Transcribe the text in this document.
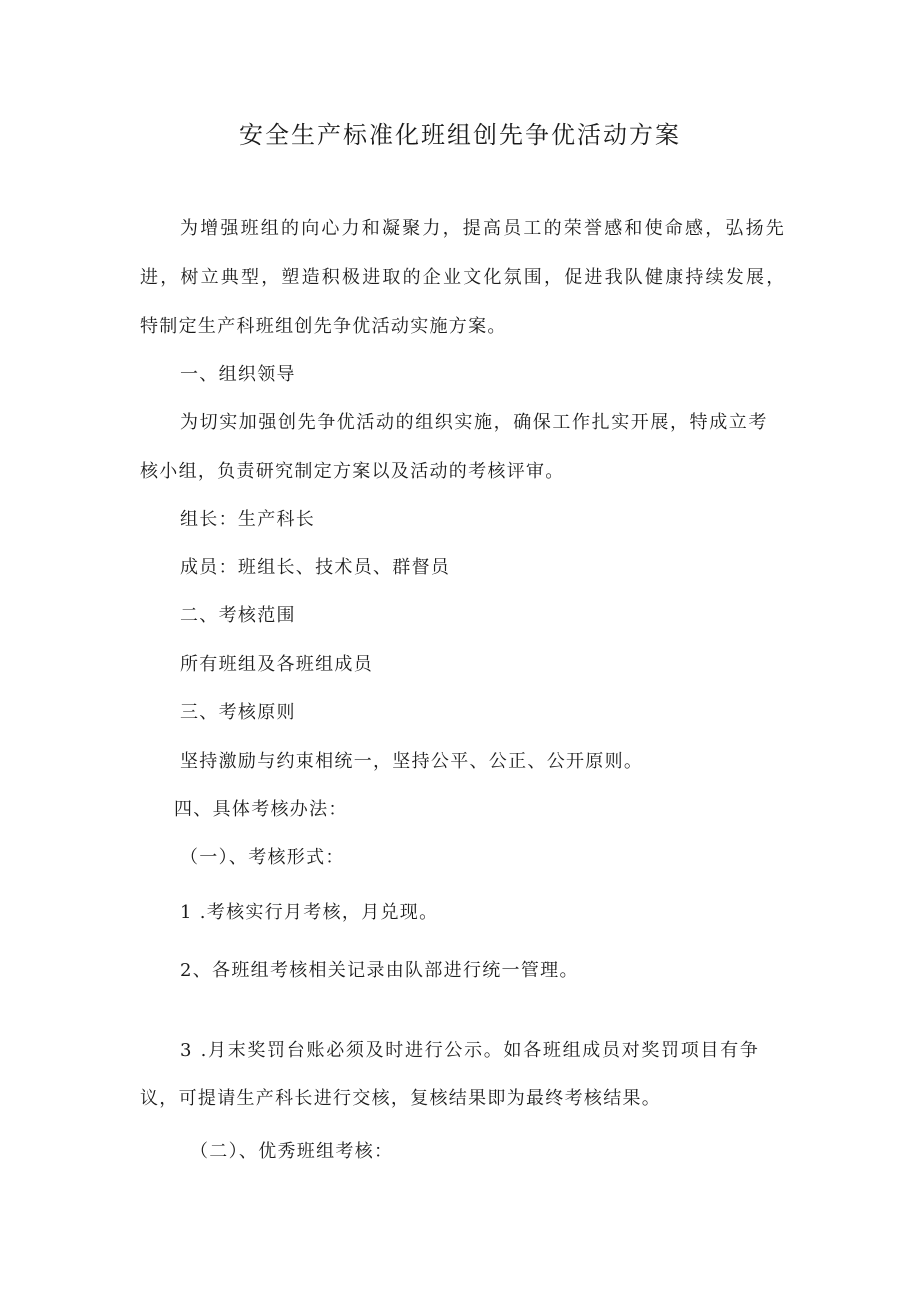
安全生产标准化班组创先争优活动方案
为增强班组的向心力和凝聚力，提高员工的荣誉感和使命感，弘扬先
进，树立典型，塑造积极进取的企业文化氛围，促进我队健康持续发展，
特制定生产科班组创先争优活动实施方案。
一、组织领导
为切实加强创先争优活动的组织实施，确保工作扎实开展，特成立考
核小组，负责研究制定方案以及活动的考核评审。
组长：生产科长
成员：班组长、技术员、群督员
二、考核范围
所有班组及各班组成员
三、考核原则
坚持激励与约束相统一，坚持公平、公正、公开原则。
四、具体考核办法：
（一）、考核形式：
1 .考核实行月考核，月兑现。
2、各班组考核相关记录由队部进行统一管理。
3 .月末奖罚台账必须及时进行公示。如各班组成员对奖罚项目有争
议，可提请生产科长进行交核，复核结果即为最终考核结果。
（二）、优秀班组考核：
